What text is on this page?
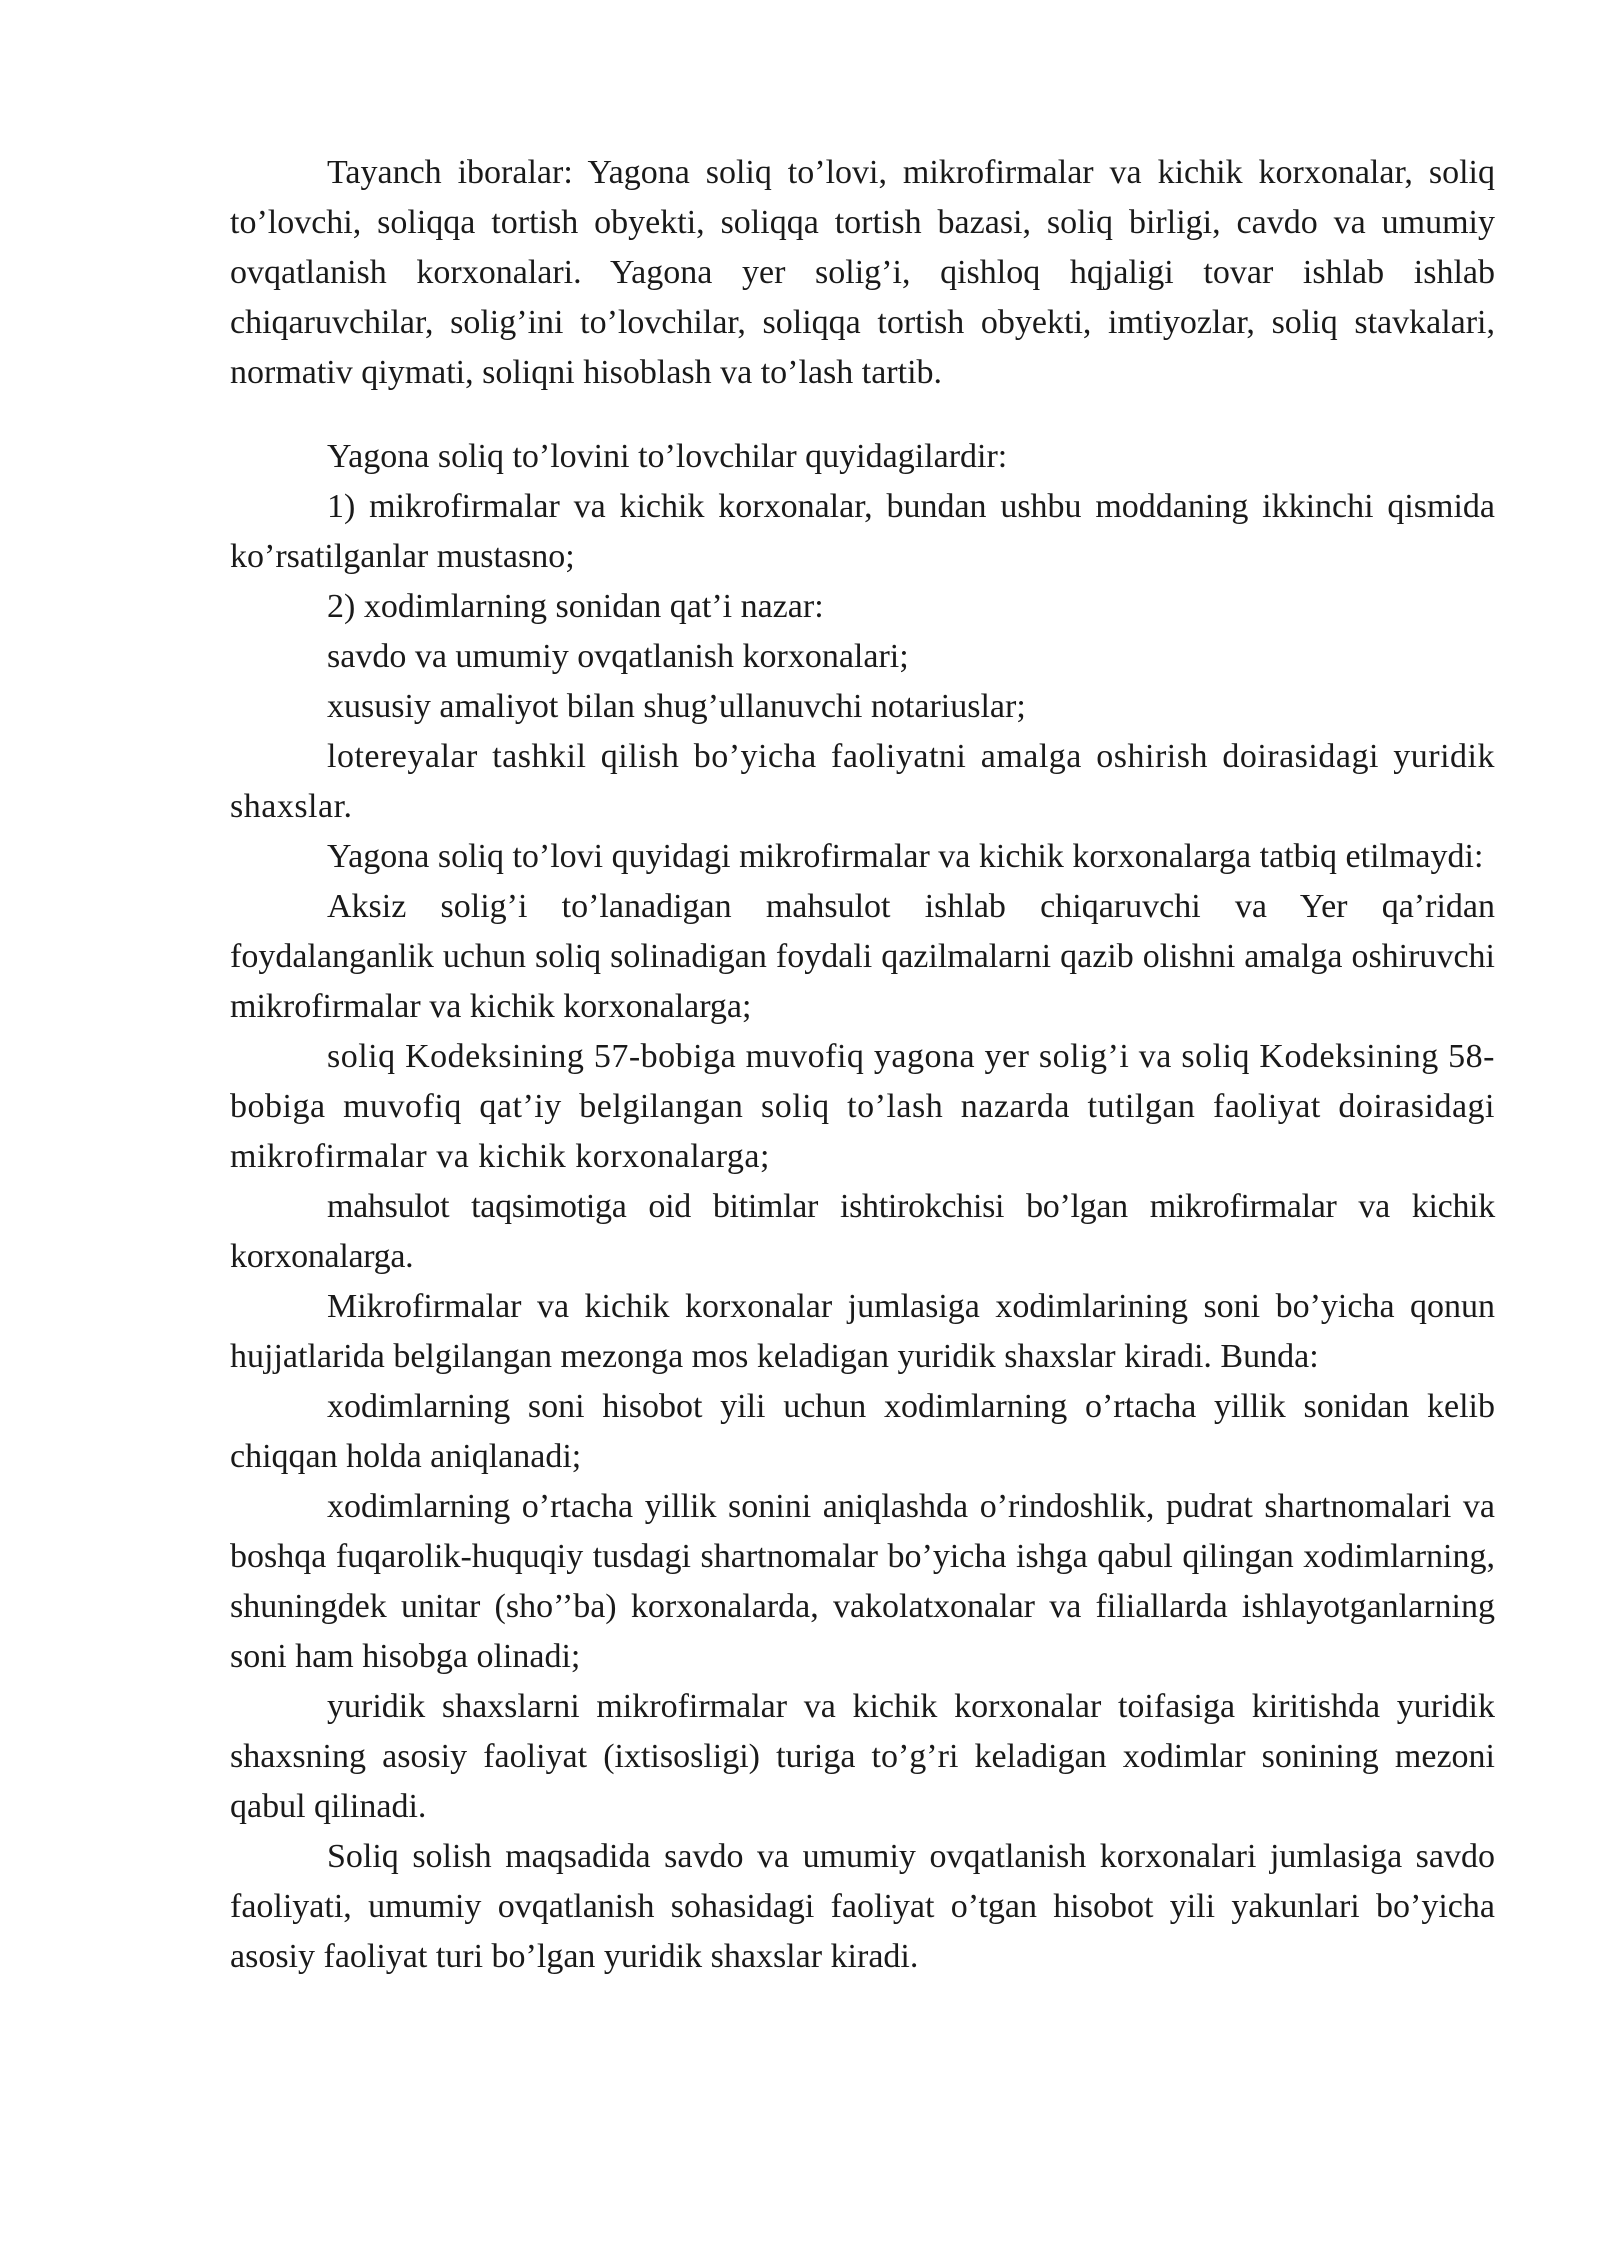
Tayanch iboralar: Yagona soliq to’lovi, mikrofirmalar va kichik korxonalar, soliq to’lovchi, soliqqa tortish obyekti, soliqqa tortish bazasi, soliq birligi, cavdo va umumiy ovqatlanish korxonalari. Yagona yer solig’i, qishloq hqjaligi tovar ishlab ishlab chiqaruvchilar, solig’ini to’lovchilar, soliqqa tortish obyekti, imtiyozlar, soliq stavkalari, normativ qiymati, soliqni hisoblash va to’lash tartib.

Yagona soliq to’lovini to’lovchilar quyidagilardir:

1) mikrofirmalar va kichik korxonalar, bundan ushbu moddaning ikkinchi qismida ko’rsatilganlar mustasno;

2) xodimlarning sonidan qat’i nazar:

savdo va umumiy ovqatlanish korxonalari;

xususiy amaliyot bilan shug’ullanuvchi notariuslar;

lotereyalar tashkil qilish bo’yicha faoliyatni amalga oshirish doirasidagi yuridik shaxslar.

Yagona soliq to’lovi quyidagi mikrofirmalar va kichik korxonalarga tatbiq etilmaydi:

Aksiz solig’i to’lanadigan mahsulot ishlab chiqaruvchi va Yer qa’ridan foydalanganlik uchun soliq solinadigan foydali qazilmalarni qazib olishni amalga oshiruvchi mikrofirmalar va kichik korxonalarga;

soliq Kodeksining 57-bobiga muvofiq yagona yer solig’i va soliq Kodeksining 58-bobiga muvofiq qat’iy belgilangan soliq to’lash nazarda tutilgan faoliyat doirasidagi mikrofirmalar va kichik korxonalarga;

mahsulot taqsimotiga oid bitimlar ishtirokchisi bo’lgan mikrofirmalar va kichik korxonalarga.

Mikrofirmalar va kichik korxonalar jumlasiga xodimlarining soni bo’yicha qonun hujjatlarida belgilangan mezonga mos keladigan yuridik shaxslar kiradi. Bunda:

xodimlarning soni hisobot yili uchun xodimlarning o’rtacha yillik sonidan kelib chiqqan holda aniqlanadi;

xodimlarning o’rtacha yillik sonini aniqlashda o’rindoshlik, pudrat shartnomalari va boshqa fuqarolik-huquqiy tusdagi shartnomalar bo’yicha ishga qabul qilingan xodimlarning, shuningdek unitar (sho’’ba) korxonalarda, vakolatxonalar va filiallarda ishlayotganlarning soni ham hisobga olinadi;

yuridik shaxslarni mikrofirmalar va kichik korxonalar toifasiga kiritishda yuridik shaxsning asosiy faoliyat (ixtisosligi) turiga to’g’ri keladigan xodimlar sonining mezoni qabul qilinadi.

Soliq solish maqsadida savdo va umumiy ovqatlanish korxonalari jumlasiga savdo faoliyati, umumiy ovqatlanish sohasidagi faoliyat o’tgan hisobot yili yakunlari bo’yicha asosiy faoliyat turi bo’lgan yuridik shaxslar kiradi.
